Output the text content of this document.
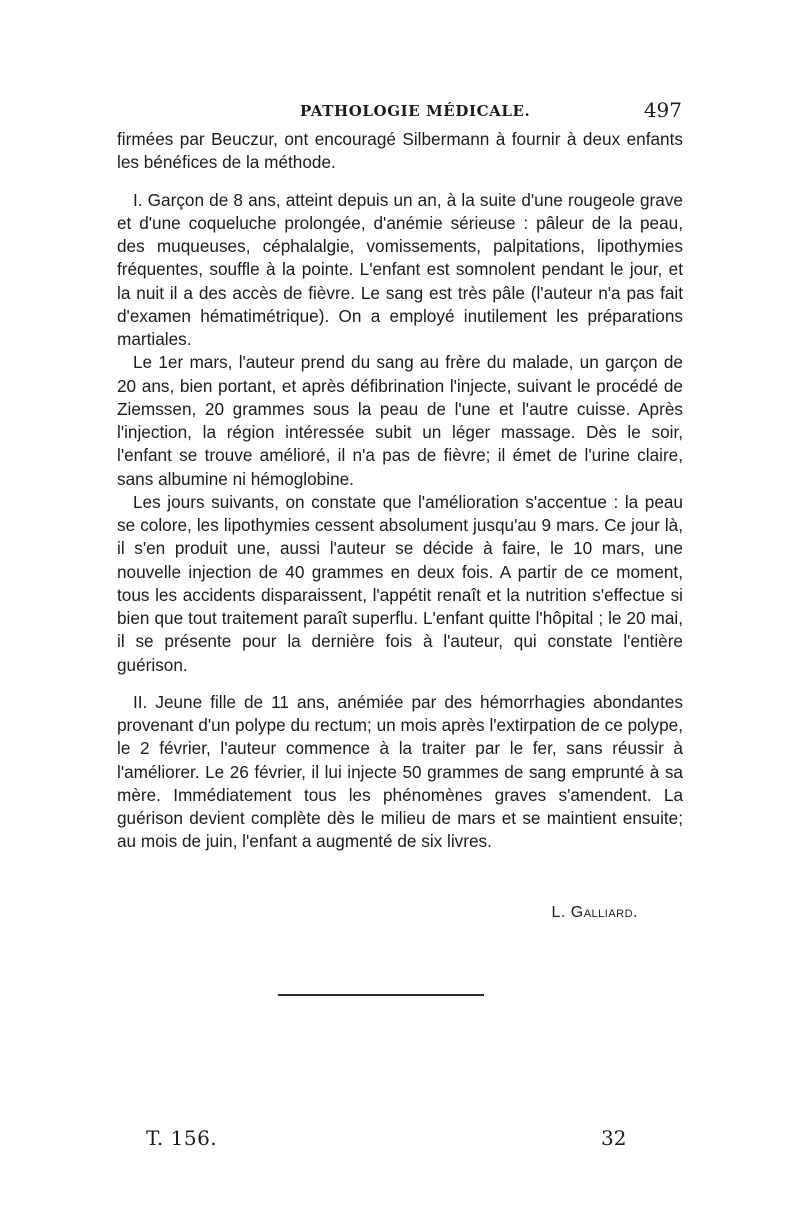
PATHOLOGIE MÉDICALE.	497

firmées par Beuczur, ont encouragé Silbermann à fournir à deux enfants les bénéfices de la méthode.

I. Garçon de 8 ans, atteint depuis un an, à la suite d'une rougeole grave et d'une coqueluche prolongée, d'anémie sérieuse : pâleur de la peau, des muqueuses, céphalalgie, vomissements, palpitations, lipothymies fréquentes, souffle à la pointe. L'enfant est somnolent pendant le jour, et la nuit il a des accès de fièvre. Le sang est très pâle (l'auteur n'a pas fait d'examen hématimétrique). On a employé inutilement les préparations martiales.

Le 1er mars, l'auteur prend du sang au frère du malade, un garçon de 20 ans, bien portant, et après défibrination l'injecte, suivant le procédé de Ziemssen, 20 grammes sous la peau de l'une et l'autre cuisse. Après l'injection, la région intéressée subit un léger massage. Dès le soir, l'enfant se trouve amélioré, il n'a pas de fièvre; il émet de l'urine claire, sans albumine ni hémoglobine.

Les jours suivants, on constate que l'amélioration s'accentue : la peau se colore, les lipothymies cessent absolument jusqu'au 9 mars. Ce jour là, il s'en produit une, aussi l'auteur se décide à faire, le 10 mars, une nouvelle injection de 40 grammes en deux fois. A partir de ce moment, tous les accidents disparaissent, l'appétit renaît et la nutrition s'effectue si bien que tout traitement paraît superflu. L'enfant quitte l'hôpital ; le 20 mai, il se présente pour la dernière fois à l'auteur, qui constate l'entière guérison.

II. Jeune fille de 11 ans, anémiée par des hémorrhagies abondantes provenant d'un polype du rectum; un mois après l'extirpation de ce polype, le 2 février, l'auteur commence à la traiter par le fer, sans réussir à l'améliorer. Le 26 février, il lui injecte 50 grammes de sang emprunté à sa mère. Immédiatement tous les phénomènes graves s'amendent. La guérison devient complète dès le milieu de mars et se maintient ensuite; au mois de juin, l'enfant a augmenté de six livres.

L. Galliard.
T. 156.	32
